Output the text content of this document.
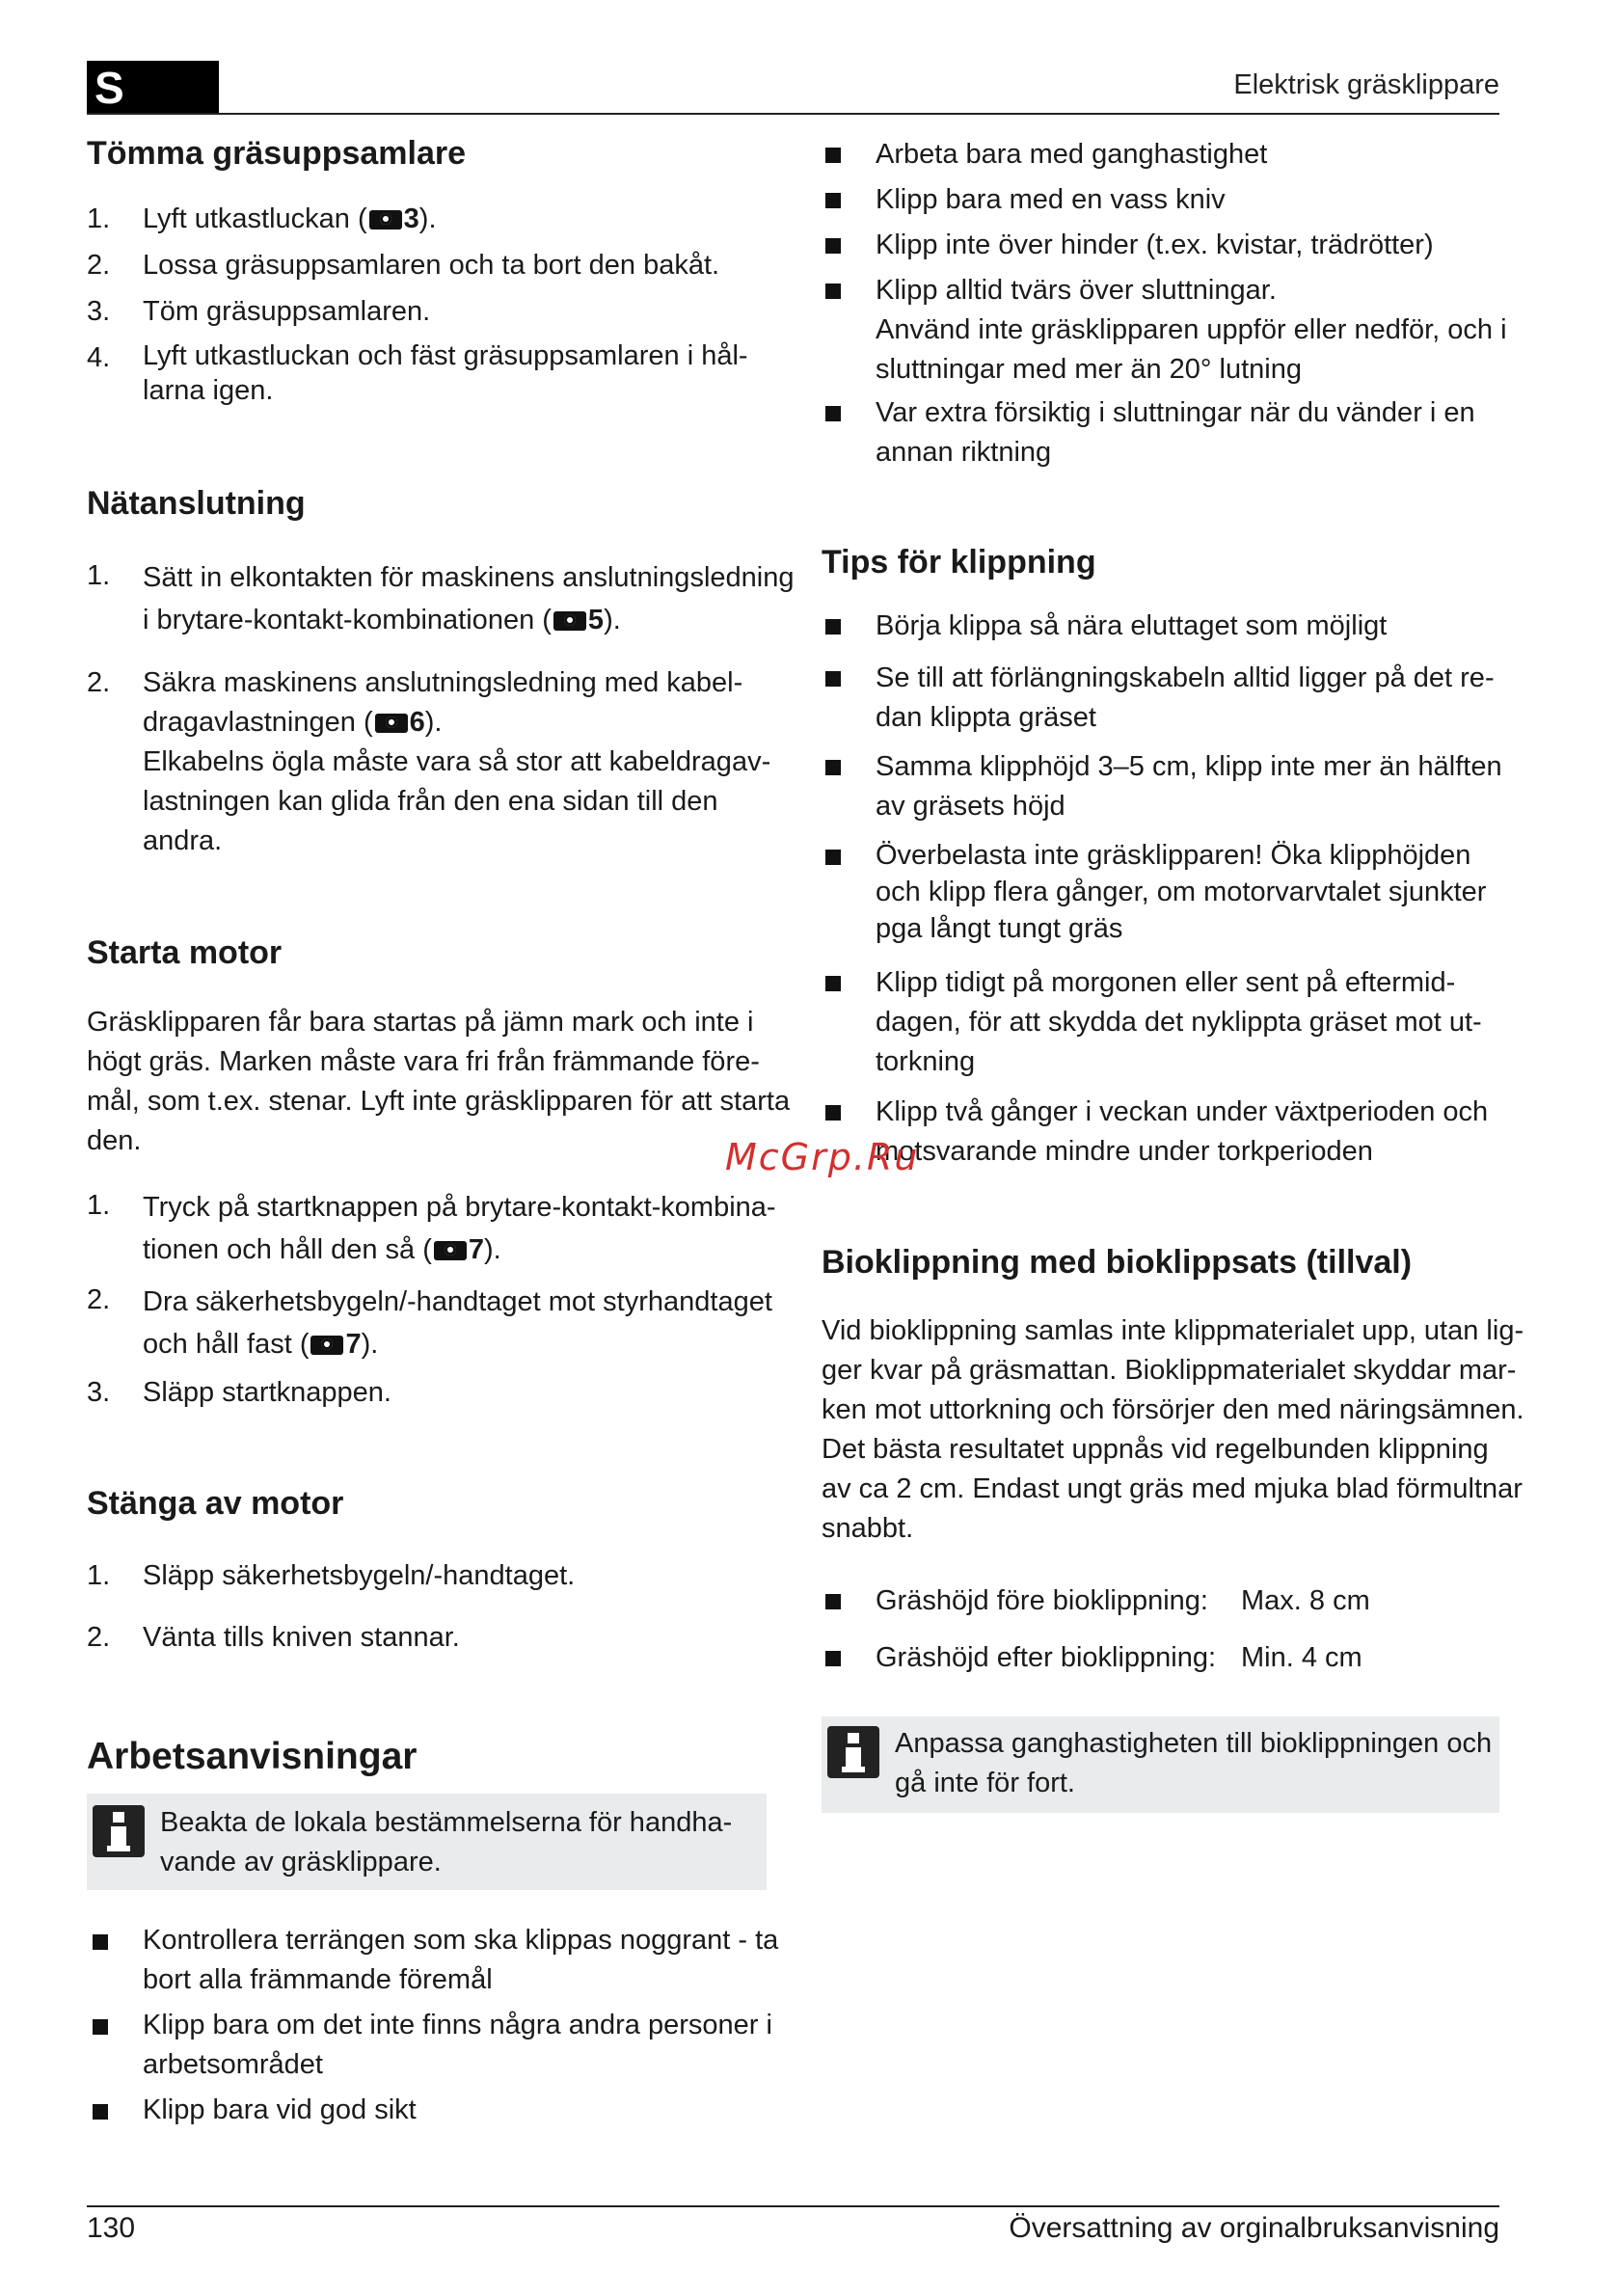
S	Elektrisk gräsklippare
Tömma gräsuppsamlare
1. Lyft utkastluckan ( 3).
2. Lossa gräsuppsamlaren och ta bort den bakåt.
3. Töm gräsuppsamlaren.
4. Lyft utkastluckan och fäst gräsuppsamlaren i hål-
larna igen.
Nätanslutning
1. Sätt in elkontakten för maskinens anslutningsledning
i brytare-kontakt-kombinationen ( 5).
2. Säkra maskinens anslutningsledning med kabel-
dragavlastningen ( 6).
Elkabelns ögla måste vara så stor att kabeldragav-
lastningen kan glida från den ena sidan till den
andra.
Starta motor
Gräsklipparen får bara startas på jämn mark och inte i
högt gräs. Marken måste vara fri från främmande före-
mål, som t.ex. stenar. Lyft inte gräsklipparen för att starta
den.
1. Tryck på startknappen på brytare-kontakt-kombina-
tionen och håll den så ( 7).
2. Dra säkerhetsbygeln/-handtaget mot styrhandtaget
och håll fast ( 7).
3. Släpp startknappen.
Stänga av motor
1. Släpp säkerhetsbygeln/-handtaget.
2. Vänta tills kniven stannar.
Arbetsanvisningar
Beakta de lokala bestämmelserna för handha-
vande av gräsklippare.
Kontrollera terrängen som ska klippas noggrant - ta
bort alla främmande föremål
Klipp bara om det inte finns några andra personer i
arbetsområdet
Klipp bara vid god sikt
Arbeta bara med ganghastighet
Klipp bara med en vass kniv
Klipp inte över hinder (t.ex. kvistar, trädrötter)
Klipp alltid tvärs över sluttningar.
Använd inte gräsklipparen uppför eller nedför, och i
sluttningar med mer än 20° lutning
Var extra försiktig i sluttningar när du vänder i en
annan riktning
Tips för klippning
Börja klippa så nära eluttaget som möjligt
Se till att förlängningskabeln alltid ligger på det re-
dan klippta gräset
Samma klipphöjd 3–5 cm, klipp inte mer än hälften
av gräsets höjd
Överbelasta inte gräsklipparen! Öka klipphöjden
och klipp flera gånger, om motorvarvtalet sjunkter
pga långt tungt gräs
Klipp tidigt på morgonen eller sent på eftermid-
dagen, för att skydda det nyklippta gräset mot ut-
torkning
Klipp två gånger i veckan under växtperioden och
motsvarande mindre under torkperioden
Bioklippning med bioklippsats (tillval)
Vid bioklippning samlas inte klippmaterialet upp, utan lig-
ger kvar på gräsmattan. Bioklippmaterialet skyddar mar-
ken mot uttorkning och försörjer den med näringsämnen.
Det bästa resultatet uppnås vid regelbunden klippning
av ca 2 cm. Endast ungt gräs med mjuka blad förmultnar
snabbt.
Gräshöjd före bioklippning: Max. 8 cm
Gräshöjd efter bioklippning: Min. 4 cm
Anpassa ganghastigheten till bioklippningen och
gå inte för fort.
McGrp.Ru
130	Översattning av orginalbruksanvisning
